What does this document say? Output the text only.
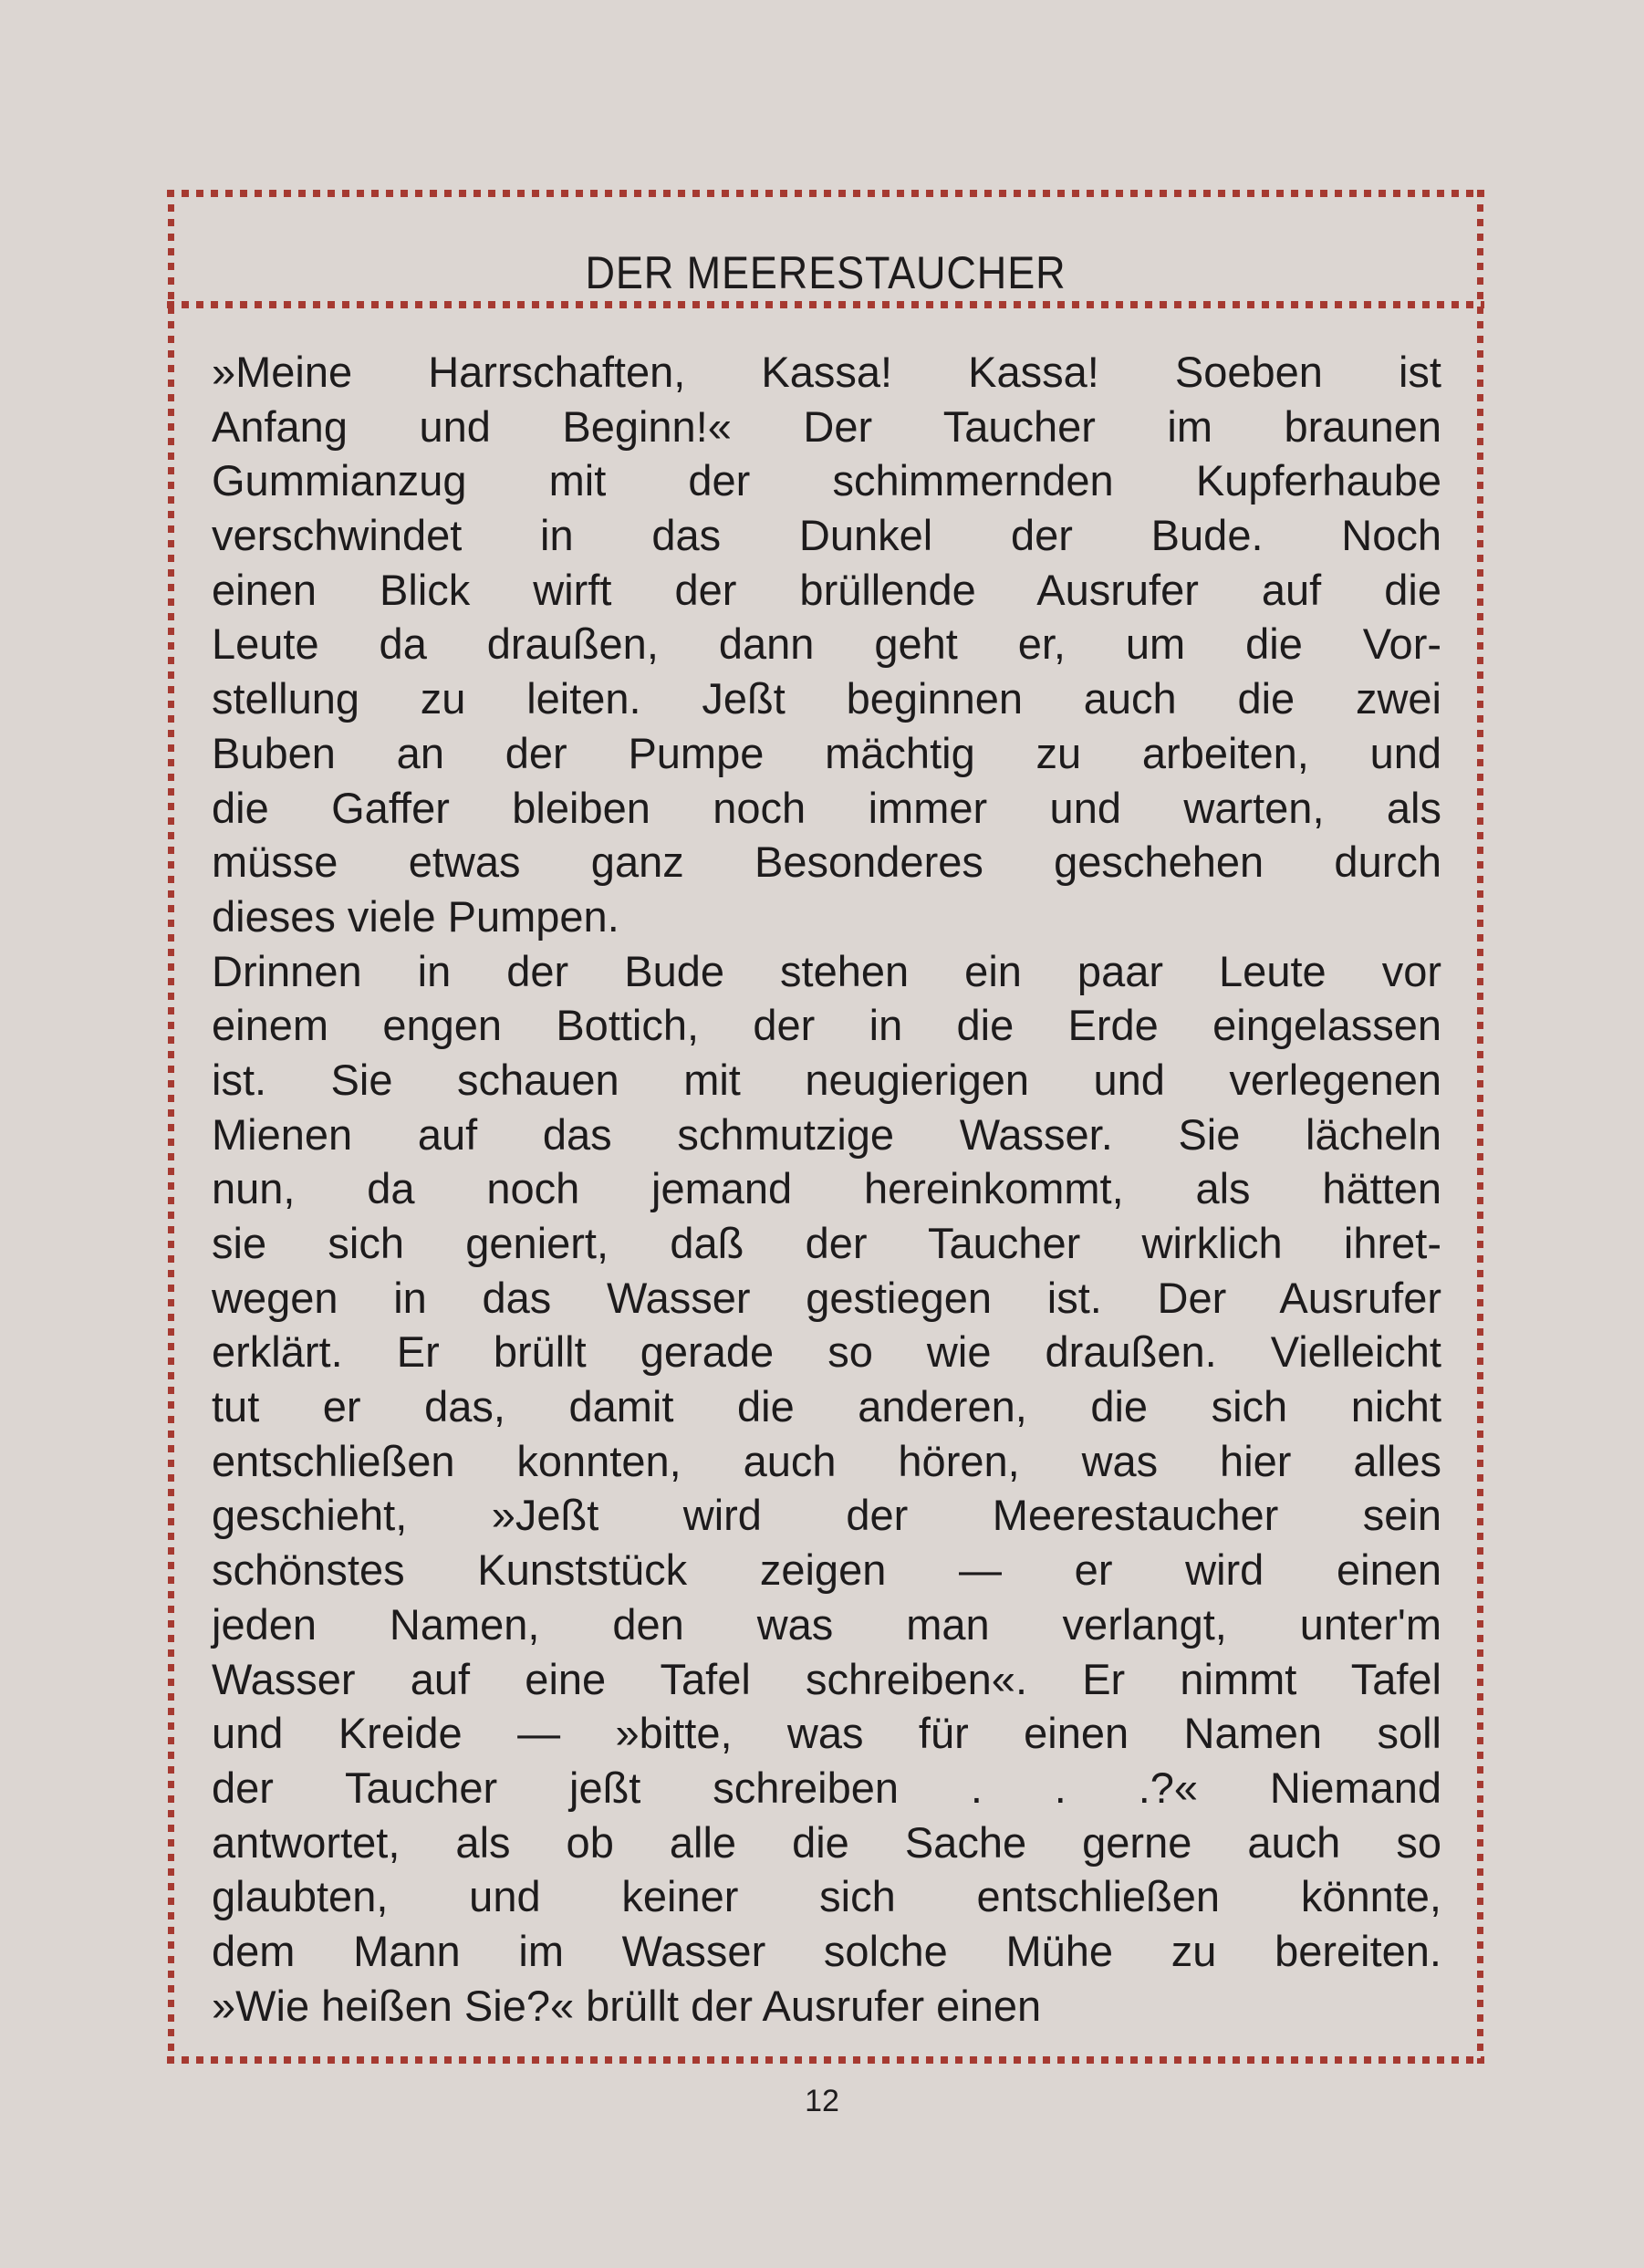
DER MEERESTAUCHER
»Meine Harrschaften, Kassa! Kassa! Soeben ist
Anfang und Beginn!« Der Taucher im braunen
Gummianzug mit der schimmernden Kupferhaube
verschwindet in das Dunkel der Bude. Noch
einen Blick wirft der brüllende Ausrufer auf die
Leute da draußen, dann geht er, um die Vor-
stellung zu leiten. Jeßt beginnen auch die zwei
Buben an der Pumpe mächtig zu arbeiten, und
die Gaffer bleiben noch immer und warten, als
müsse etwas ganz Besonderes geschehen durch
dieses viele Pumpen.
Drinnen in der Bude stehen ein paar Leute vor
einem engen Bottich, der in die Erde eingelassen
ist. Sie schauen mit neugierigen und verlegenen
Mienen auf das schmutzige Wasser. Sie lächeln
nun, da noch jemand hereinkommt, als hätten
sie sich geniert, daß der Taucher wirklich ihret-
wegen in das Wasser gestiegen ist. Der Ausrufer
erklärt. Er brüllt gerade so wie draußen. Vielleicht
tut er das, damit die anderen, die sich nicht
entschließen konnten, auch hören, was hier alles
geschieht, »Jeßt wird der Meerestaucher sein
schönstes Kunststück zeigen — er wird einen
jeden Namen, den was man verlangt, unter'm
Wasser auf eine Tafel schreiben«. Er nimmt Tafel
und Kreide — »bitte, was für einen Namen soll
der Taucher jeßt schreiben . . .?« Niemand
antwortet, als ob alle die Sache gerne auch so
glaubten, und keiner sich entschließen könnte,
dem Mann im Wasser solche Mühe zu bereiten.
»Wie heißen Sie?« brüllt der Ausrufer einen
12
